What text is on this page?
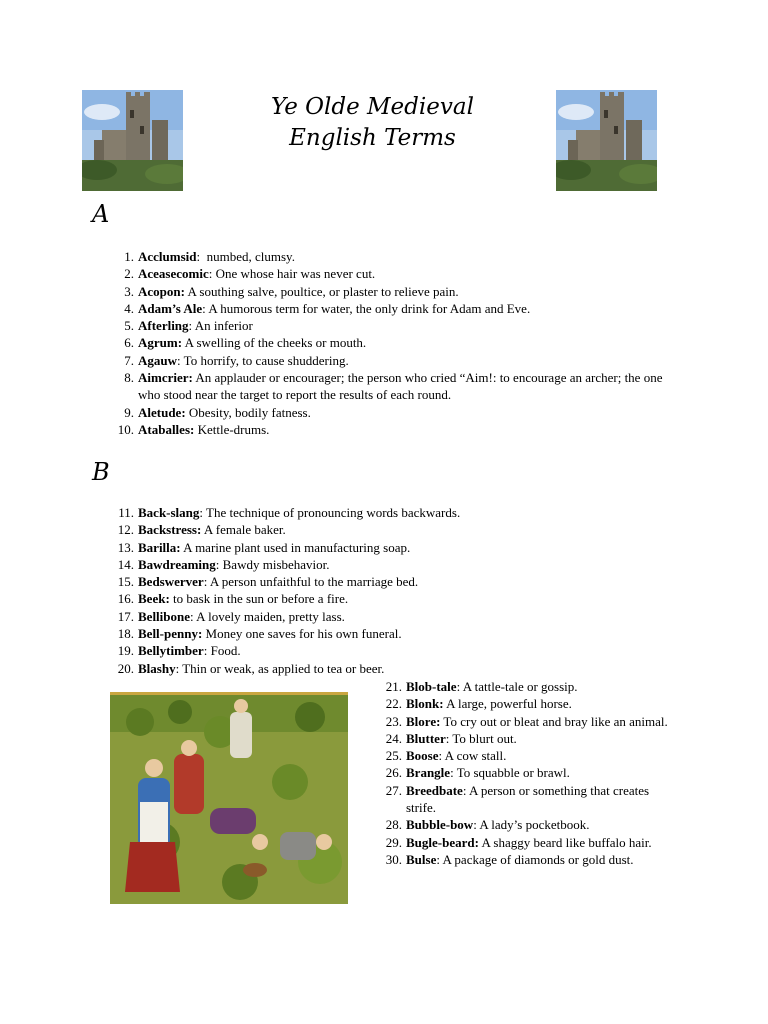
Ye Olde Medieval
English Terms
A
1. Acclumsid:  numbed, clumsy.
2. Aceasecomic: One whose hair was never cut.
3. Acopon: A southing salve, poultice, or plaster to relieve pain.
4. Adam’s Ale: A humorous term for water, the only drink for Adam and Eve.
5. Afterling: An inferior
6. Agrum: A swelling of the cheeks or mouth.
7. Agauw: To horrify, to cause shuddering.
8. Aimcrier: An applauder or encourager; the person who cried “Aim!: to encourage an archer; the one who stood near the target to report the results of each round.
9. Aletude: Obesity, bodily fatness.
10. Ataballes: Kettle-drums.
B
11. Back-slang: The technique of pronouncing words backwards.
12. Backstress: A female baker.
13. Barilla: A marine plant used in manufacturing soap.
14. Bawdreaming: Bawdy misbehavior.
15. Bedswerver: A person unfaithful to the marriage bed.
16. Beek: to bask in the sun or before a fire.
17. Bellibone: A lovely maiden, pretty lass.
18. Bell-penny: Money one saves for his own funeral.
19. Bellytimber: Food.
20. Blashy: Thin or weak, as applied to tea or beer.
21. Blob-tale: A tattle-tale or gossip.
22. Blonk: A large, powerful horse.
23. Blore: To cry out or bleat and bray like an animal.
24. Blutter: To blurt out.
25. Boose: A cow stall.
26. Brangle: To squabble or brawl.
27. Breedbate: A person or something that creates strife.
28. Bubble-bow: A lady’s pocketbook.
29. Bugle-beard: A shaggy beard like buffalo hair.
30. Bulse: A package of diamonds or gold dust.
